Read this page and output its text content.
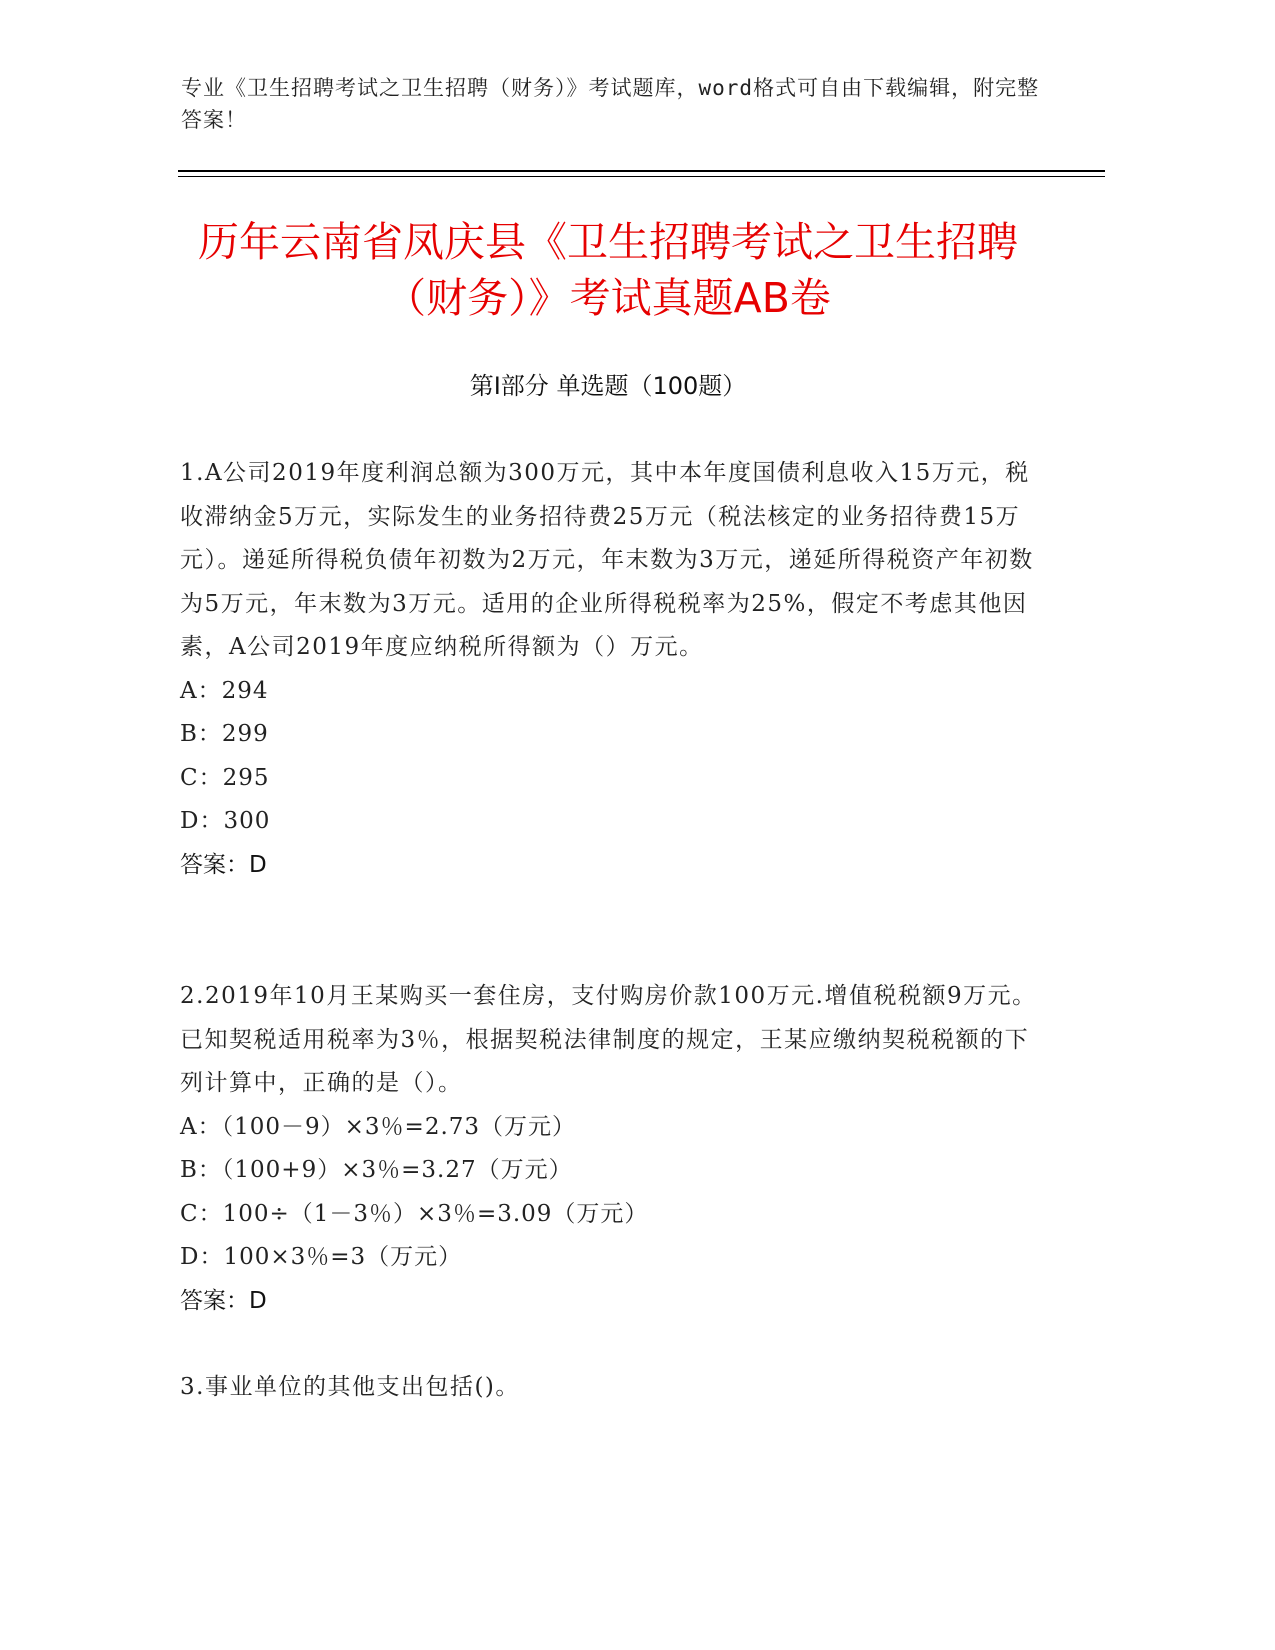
专业《卫生招聘考试之卫生招聘（财务）》考试题库，word格式可自由下载编辑，附完整答案！
历年云南省凤庆县《卫生招聘考试之卫生招聘（财务）》考试真题AB卷
第Ⅰ部分 单选题（100题）

1.A公司2019年度利润总额为300万元，其中本年度国债利息收入15万元，税收滞纳金5万元，实际发生的业务招待费25万元（税法核定的业务招待费15万元）。递延所得税负债年初数为2万元，年末数为3万元，递延所得税资产年初数为5万元，年末数为3万元。适用的企业所得税税率为25%，假定不考虑其他因素，A公司2019年度应纳税所得额为（）万元。

A：294

B：299

C：295

D：300

答案：D

2.2019年10月王某购买一套住房，支付购房价款100万元.增值税税额9万元。已知契税适用税率为3％，根据契税法律制度的规定，王某应缴纳契税税额的下列计算中，正确的是（）。

A：（100－9）×3％=2.73（万元）

B：（100+9）×3％=3.27（万元）

C：100÷（1－3％）×3％=3.09（万元）

D：100×3％=3（万元）

答案：D

3.事业单位的其他支出包括()。
